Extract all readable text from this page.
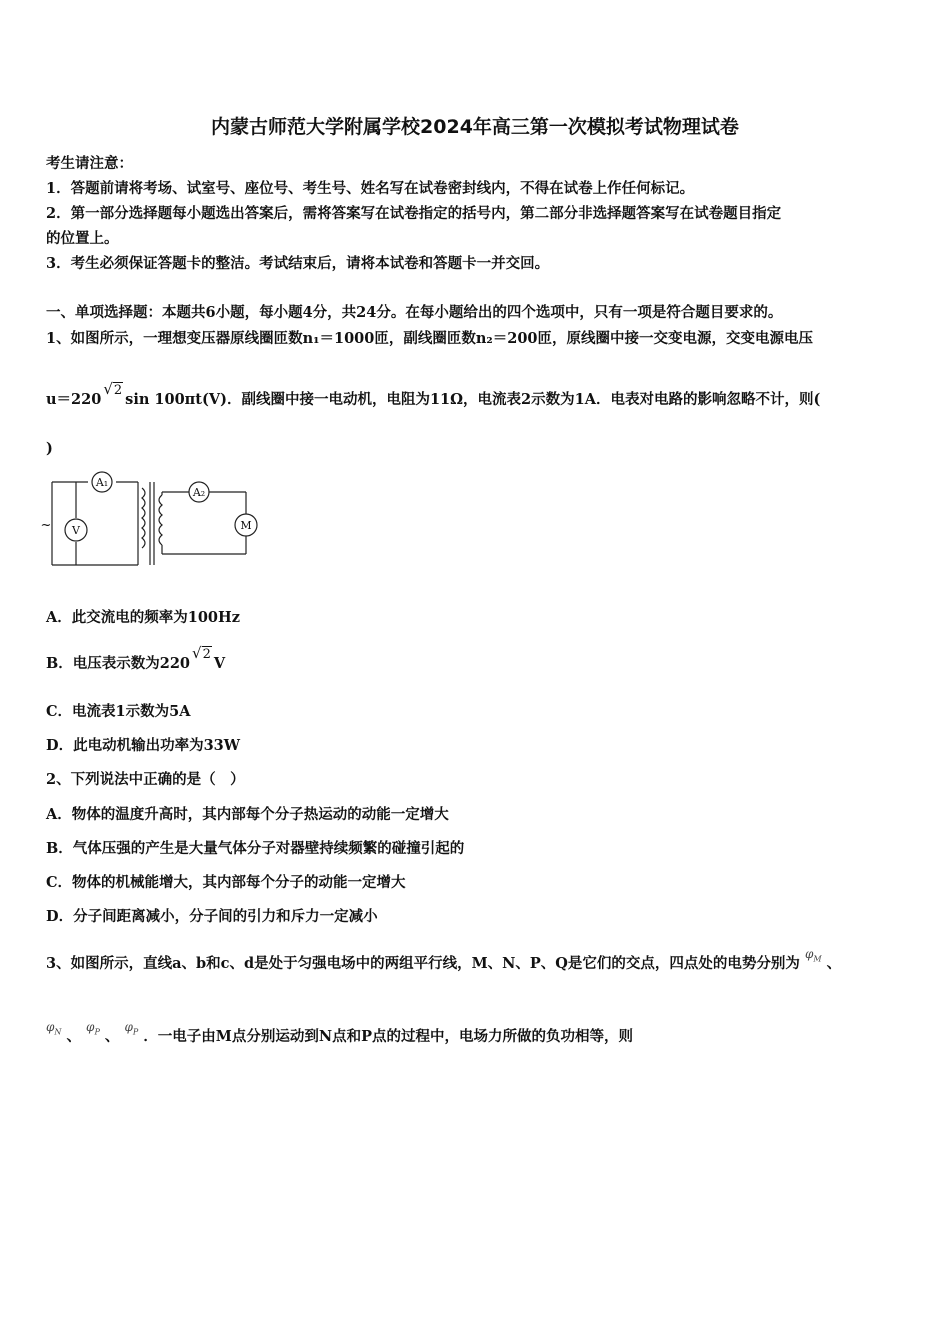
内蒙古师范大学附属学校2024年高三第一次模拟考试物理试卷
考生请注意：
1．答题前请将考场、试室号、座位号、考生号、姓名写在试卷密封线内，不得在试卷上作任何标记。
2．第一部分选择题每小题选出答案后，需将答案写在试卷指定的括号内，第二部分非选择题答案写在试卷题目指定
的位置上。
3．考生必须保证答题卡的整洁。考试结束后，请将本试卷和答题卡一并交回。
一、单项选择题：本题共6小题，每小题4分，共24分。在每小题给出的四个选项中，只有一项是符合题目要求的。
1、如图所示，一理想变压器原线圈匝数n₁＝1000匝，副线圈匝数n₂＝200匝，原线圈中接一交变电源，交变电源电压
u＝220√2sin 100πt(V)．副线圈中接一电动机，电阻为11Ω，电流表2示数为1A．电表对电路的影响忽略不计，则(
)
A₁
A₂
V	M
~
A．此交流电的频率为100Hz
B．电压表示数为220√2V
C．电流表1示数为5A
D．此电动机输出功率为33W
2、下列说法中正确的是（　）
A．物体的温度升高时，其内部每个分子热运动的动能一定增大
B．气体压强的产生是大量气体分子对器壁持续频繁的碰撞引起的
C．物体的机械能增大，其内部每个分子的动能一定增大
D．分子间距离减小，分子间的引力和斥力一定减小
3、如图所示，直线a、b和c、d是处于匀强电场中的两组平行线，M、N、P、Q是它们的交点，四点处的电势分别为 $^{\varphi_M}$ 、
$^{\varphi_N}$ 、 $^{\varphi_P}$ 、 $^{\varphi_P}$ ．一电子由M点分别运动到N点和P点的过程中，电场力所做的负功相等，则
